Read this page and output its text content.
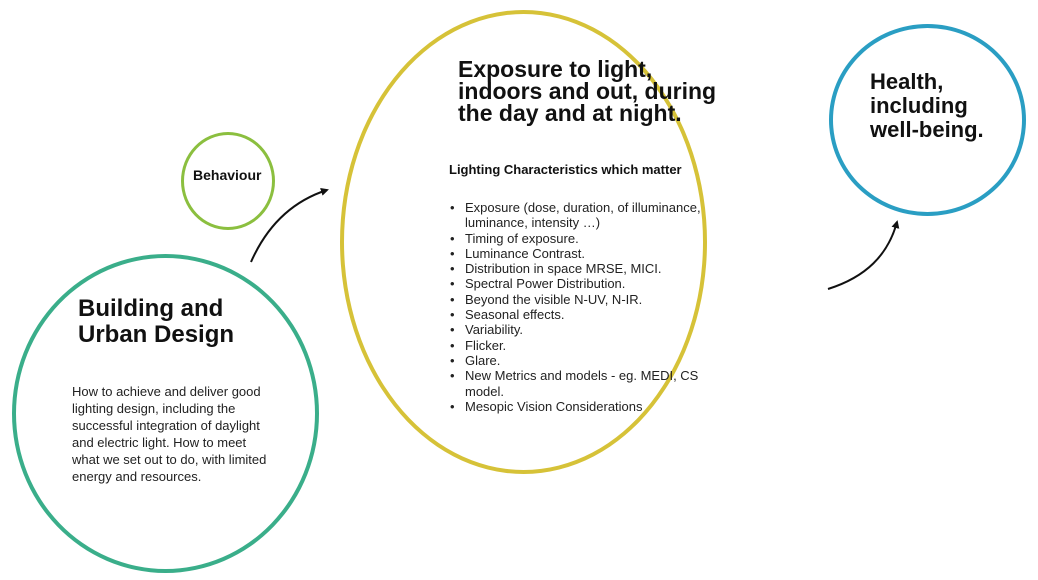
Behaviour
Building and Urban Design
How to achieve and deliver good lighting design, including the successful integration of daylight and electric light. How to meet what we set out to do, with limited energy and resources.
Exposure to light, indoors and out, during the day and at night.
Lighting Characteristics which matter
• Exposure (dose, duration, of illuminance, luminance, intensity …)
• Timing of exposure.
• Luminance Contrast.
• Distribution in space MRSE, MICI.
• Spectral Power Distribution.
• Beyond the visible N-UV, N-IR.
• Seasonal effects.
• Variability.
• Flicker.
• Glare.
• New Metrics and models - eg. MEDI, CS model.
• Mesopic Vision Considerations
Health, including well-being.
